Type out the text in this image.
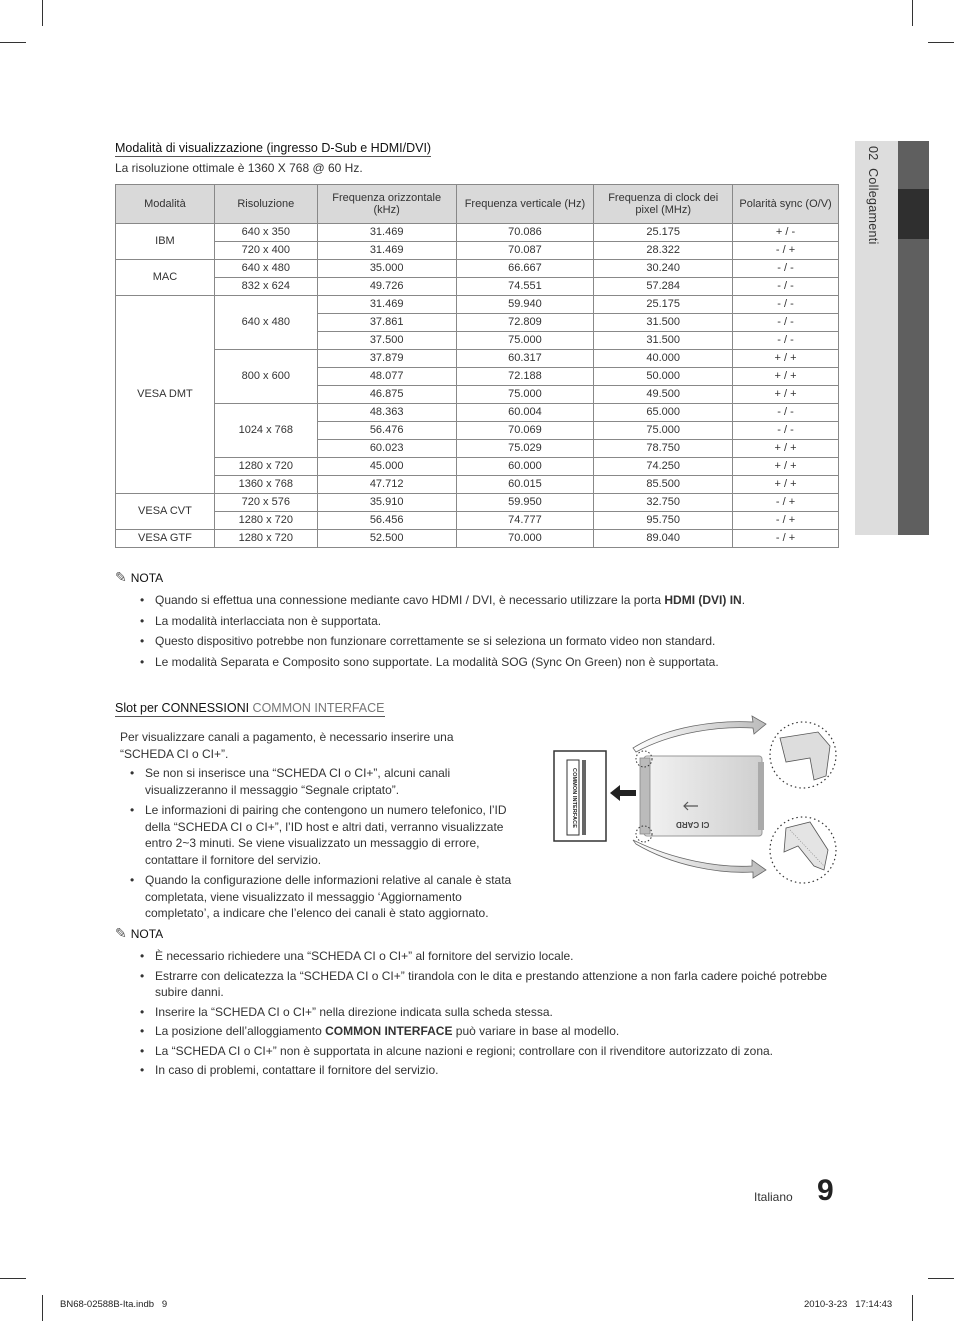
02  Collegamenti
Modalità di visualizzazione (ingresso D-Sub e HDMI/DVI)
La risoluzione ottimale è 1360 X 768 @ 60 Hz.
Modalità	Risoluzione	Frequenza orizzontale (kHz)	Frequenza verticale (Hz)	Frequenza di clock dei pixel (MHz)	Polarità sync (O/V)
IBM	640 x 350	31.469	70.086	25.175	+ / -
	720 x 400	31.469	70.087	28.322	- / +
MAC	640 x 480	35.000	66.667	30.240	- / -
	832 x 624	49.726	74.551	57.284	- / -
VESA DMT	640 x 480	31.469	59.940	25.175	- / -
		37.861	72.809	31.500	- / -
		37.500	75.000	31.500	- / -
	800 x 600	37.879	60.317	40.000	+ / +
		48.077	72.188	50.000	+ / +
		46.875	75.000	49.500	+ / +
	1024 x 768	48.363	60.004	65.000	- / -
		56.476	70.069	75.000	- / -
		60.023	75.029	78.750	+ / +
	1280 x 720	45.000	60.000	74.250	+ / +
	1360 x 768	47.712	60.015	85.500	+ / +
VESA CVT	720 x 576	35.910	59.950	32.750	- / +
	1280 x 720	56.456	74.777	95.750	- / +
VESA GTF	1280 x 720	52.500	70.000	89.040	- / +
✎ NOTA
• Quando si effettua una connessione mediante cavo HDMI / DVI, è necessario utilizzare la porta HDMI (DVI) IN.
• La modalità interlacciata non è supportata.
• Questo dispositivo potrebbe non funzionare correttamente se si seleziona un formato video non standard.
• Le modalità Separata e Composito sono supportate. La modalità SOG (Sync On Green) non è supportata.
Slot per CONNESSIONI COMMON INTERFACE
Per visualizzare canali a pagamento, è necessario inserire una “SCHEDA CI o CI+”.
• Se non si inserisce una “SCHEDA CI o CI+”, alcuni canali visualizzeranno il messaggio “Segnale criptato”.
• Le informazioni di pairing che contengono un numero telefonico, l’ID della “SCHEDA CI o CI+”, l’ID host e altri dati, verranno visualizzate entro 2~3 minuti. Se viene visualizzato un messaggio di errore, contattare il fornitore del servizio.
• Quando la configurazione delle informazioni relative al canale è stata completata, viene visualizzato il messaggio ‘Aggiornamento completato’, a indicare che l’elenco dei canali è stato aggiornato.
COMMON INTERFACE	CI CARD
✎ NOTA
• È necessario richiedere una “SCHEDA CI o CI+” al fornitore del servizio locale.
• Estrarre con delicatezza la “SCHEDA CI o CI+” tirandola con le dita e prestando attenzione a non farla cadere poiché potrebbe subire danni.
• Inserire la “SCHEDA CI o CI+” nella direzione indicata sulla scheda stessa.
• La posizione dell’alloggiamento COMMON INTERFACE può variare in base al modello.
• La “SCHEDA CI o CI+” non è supportata in alcune nazioni e regioni; controllare con il rivenditore autorizzato di zona.
• In caso di problemi, contattare il fornitore del servizio.
Italiano 9
BN68-02588B-Ita.indb   9	2010-3-23   17:14:43
